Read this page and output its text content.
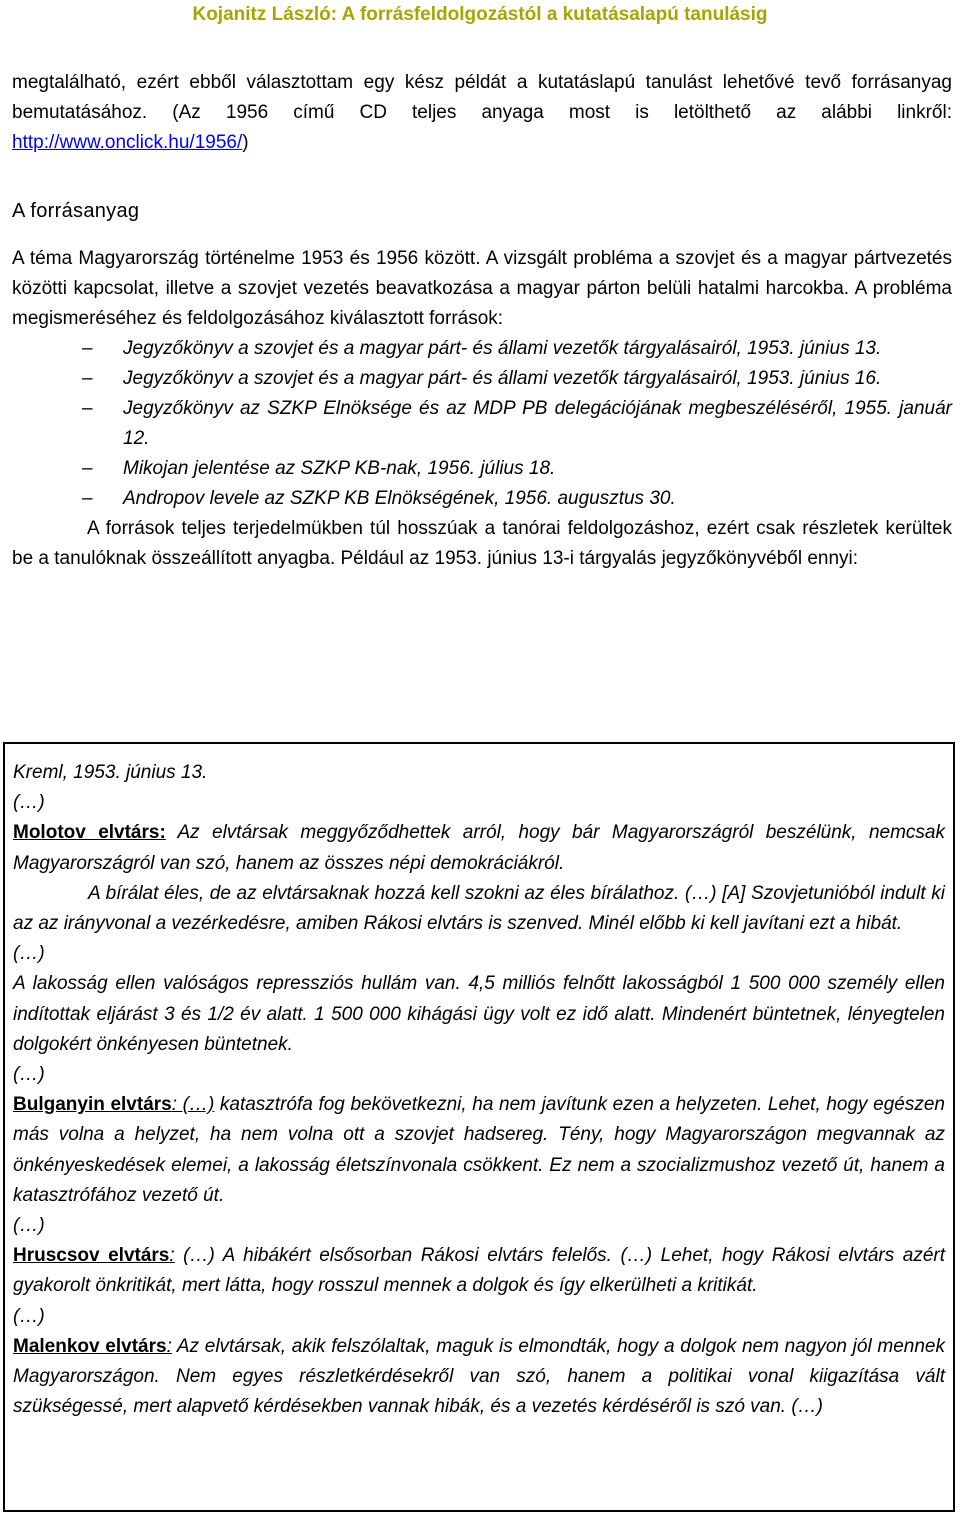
Kojanitz László: A forrásfeldolgozástól a kutatásalapú tanulásig

megtalálható, ezért ebből választottam egy kész példát a kutatáslapú tanulást lehetővé tevő forrásanyag bemutatásához. (Az 1956 című CD teljes anyaga most is letölthető az alábbi linkről: http://www.onclick.hu/1956/)

A forrásanyag

A téma Magyarország történelme 1953 és 1956 között. A vizsgált probléma a szovjet és a magyar pártvezetés közötti kapcsolat, illetve a szovjet vezetés beavatkozása a magyar párton belüli hatalmi harcokba. A probléma megismeréséhez és feldolgozásához kiválasztott források:

– Jegyzőkönyv a szovjet és a magyar párt- és állami vezetők tárgyalásairól, 1953. június 13.
– Jegyzőkönyv a szovjet és a magyar párt- és állami vezetők tárgyalásairól, 1953. június 16.
– Jegyzőkönyv az SZKP Elnöksége és az MDP PB delegációjának megbeszéléséről, 1955. január 12.
– Mikojan jelentése az SZKP KB-nak, 1956. július 18.
– Andropov levele az SZKP KB Elnökségének, 1956. augusztus 30.

A források teljes terjedelmükben túl hosszúak a tanórai feldolgozáshoz, ezért csak részletek kerültek be a tanulóknak összeállított anyagba. Például az 1953. június 13-i tárgyalás jegyzőkönyvéből ennyi:

Kreml, 1953. június 13.

(…)

Molotov elvtárs: Az elvtársak meggyőződhettek arról, hogy bár Magyarországról beszélünk, nemcsak Magyarországról van szó, hanem az összes népi demokráciákról.

A bírálat éles, de az elvtársaknak hozzá kell szokni az éles bírálathoz. (…) [A] Szovjetunióból indult ki az az irányvonal a vezérkedésre, amiben Rákosi elvtárs is szenved. Minél előbb ki kell javítani ezt a hibát.

(…)

A lakosság ellen valóságos repressziós hullám van. 4,5 milliós felnőtt lakosságból 1 500 000 személy ellen indítottak eljárást 3 és 1/2 év alatt. 1 500 000 kihágási ügy volt ez idő alatt. Mindenért büntetnek, lényegtelen dolgokért önkényesen büntetnek.

(…)

Bulganyin elvtárs: (…) katasztrófa fog bekövetkezni, ha nem javítunk ezen a helyzeten. Lehet, hogy egészen más volna a helyzet, ha nem volna ott a szovjet hadsereg. Tény, hogy Magyarországon megvannak az önkényeskedések elemei, a lakosság életszínvonala csökkent. Ez nem a szocializmushoz vezető út, hanem a katasztrófához vezető út.

(…)

Hruscsov elvtárs: (…) A hibákért elsősorban Rákosi elvtárs felelős. (…) Lehet, hogy Rákosi elvtárs azért gyakorolt önkritikát, mert látta, hogy rosszul mennek a dolgok és így elkerülheti a kritikát.

(…)

Malenkov elvtárs: Az elvtársak, akik felszólaltak, maguk is elmondták, hogy a dolgok nem nagyon jól mennek Magyarországon. Nem egyes részletkérdésekről van szó, hanem a politikai vonal kiigazítása vált szükségessé, mert alapvető kérdésekben vannak hibák, és a vezetés kérdéséről is szó van. (…)
